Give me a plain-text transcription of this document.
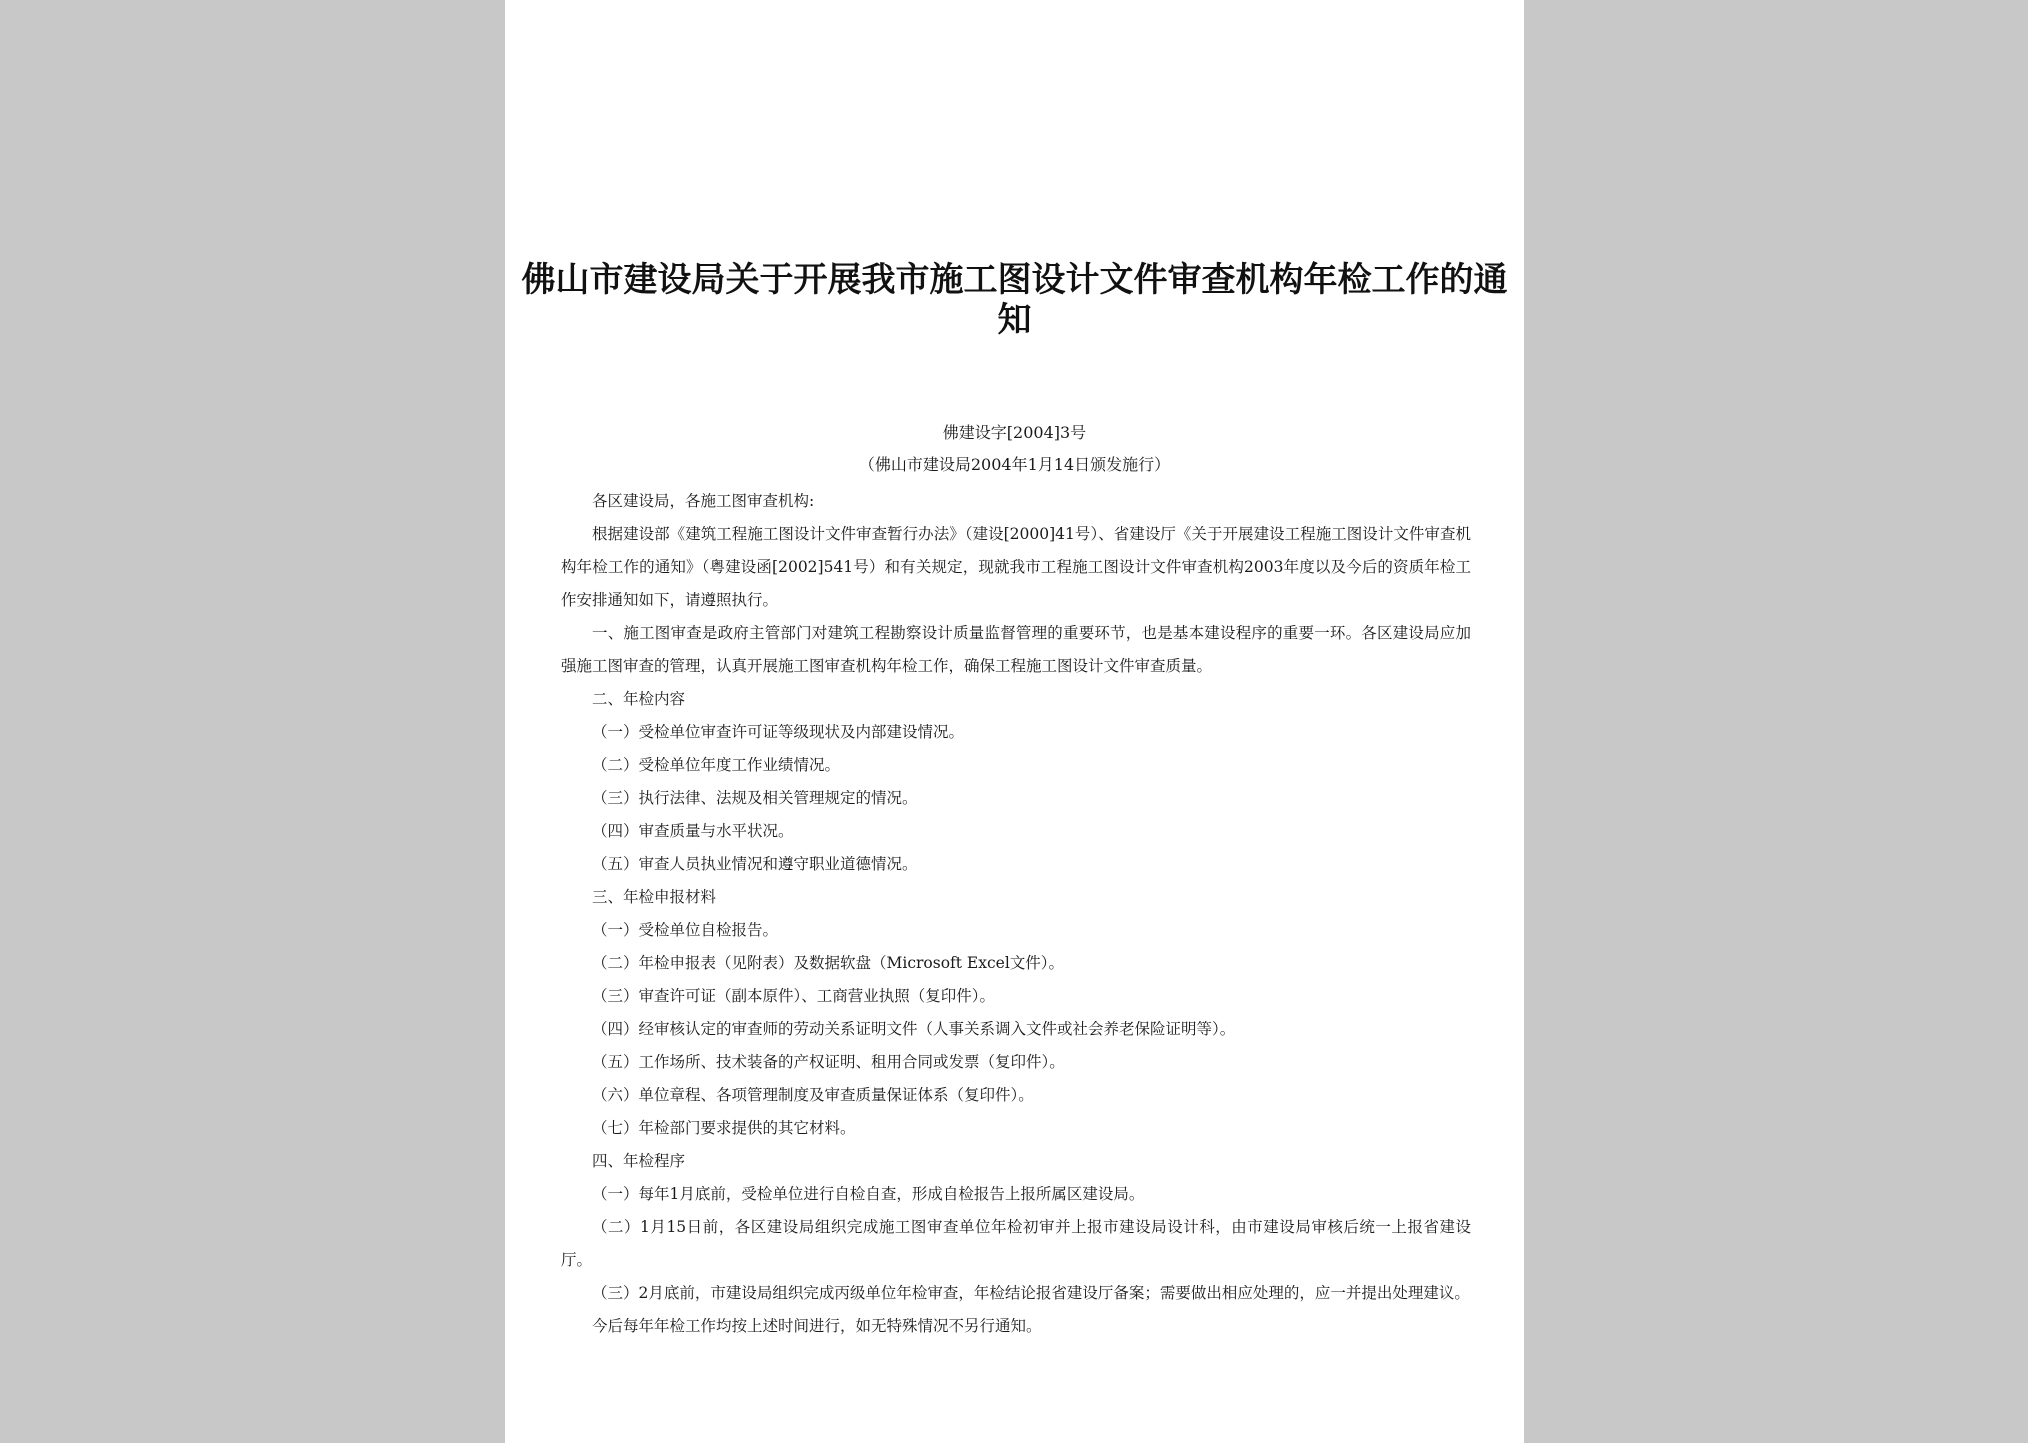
佛山市建设局关于开展我市施工图设计文件审查机构年检工作的通知
佛建设字[2004]3号
（佛山市建设局2004年1月14日颁发施行）

各区建设局，各施工图审查机构:

根据建设部《建筑工程施工图设计文件审查暂行办法》（建设[2000]41号）、省建设厅《关于开展建设工程施工图设计文件审查机构年检工作的通知》（粤建设函[2002]541号）和有关规定，现就我市工程施工图设计文件审查机构2003年度以及今后的资质年检工作安排通知如下，请遵照执行。

一、施工图审查是政府主管部门对建筑工程勘察设计质量监督管理的重要环节，也是基本建设程序的重要一环。各区建设局应加强施工图审查的管理，认真开展施工图审查机构年检工作，确保工程施工图设计文件审查质量。

二、年检内容

（一）受检单位审查许可证等级现状及内部建设情况。

（二）受检单位年度工作业绩情况。

（三）执行法律、法规及相关管理规定的情况。

（四）审查质量与水平状况。

（五）审查人员执业情况和遵守职业道德情况。

三、年检申报材料

（一）受检单位自检报告。

（二）年检申报表（见附表）及数据软盘（Microsoft Excel文件）。

（三）审查许可证（副本原件）、工商营业执照（复印件）。

（四）经审核认定的审查师的劳动关系证明文件（人事关系调入文件或社会养老保险证明等）。

（五）工作场所、技术装备的产权证明、租用合同或发票（复印件）。

（六）单位章程、各项管理制度及审查质量保证体系（复印件）。

（七）年检部门要求提供的其它材料。

四、年检程序

（一）每年1月底前，受检单位进行自检自查，形成自检报告上报所属区建设局。

（二）1月15日前，各区建设局组织完成施工图审查单位年检初审并上报市建设局设计科，由市建设局审核后统一上报省建设厅。

（三）2月底前，市建设局组织完成丙级单位年检审查，年检结论报省建设厅备案；需要做出相应处理的，应一并提出处理建议。

今后每年年检工作均按上述时间进行，如无特殊情况不另行通知。
